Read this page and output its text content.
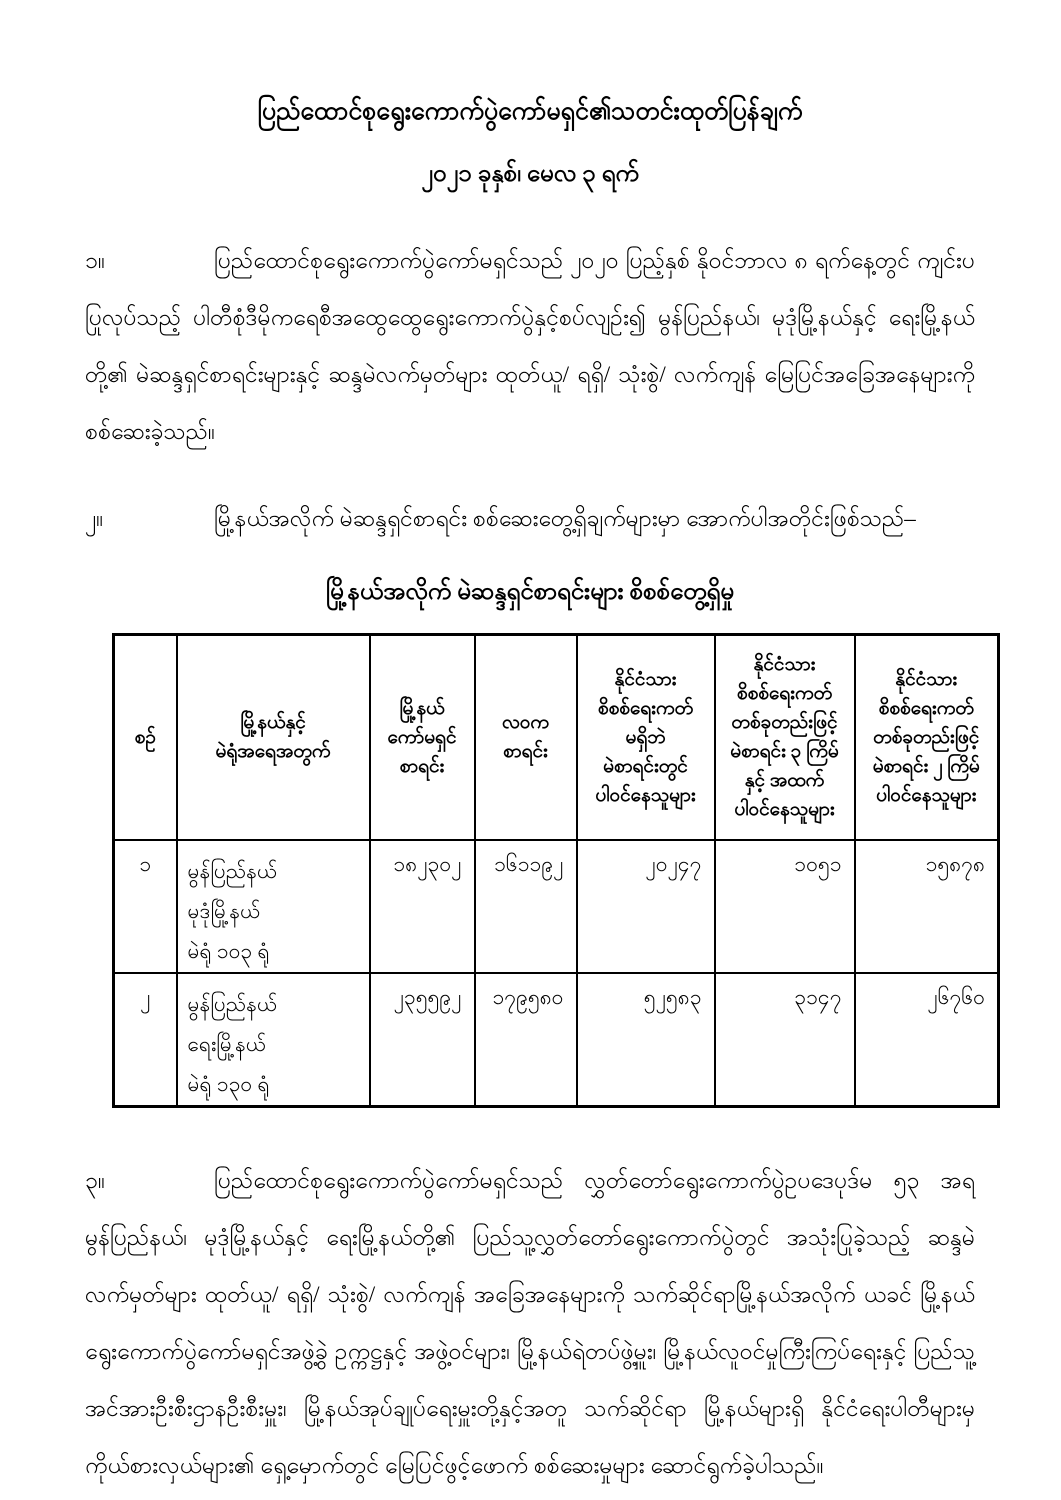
ပြည်ထောင်စုရွေးကောက်ပွဲကော်မရှင်၏သတင်းထုတ်ပြန်ချက်
၂၀၂၁ ခုနှစ်၊ မေလ ၃ ရက်
၁။	ပြည်ထောင်စုရွေးကောက်ပွဲကော်မရှင်သည် ၂၀၂၀ ပြည့်နှစ် နိုဝင်ဘာလ ၈ ရက်နေ့တွင် ကျင်းပပြုလုပ်သည့် ပါတီစုံဒီမိုကရေစီအထွေထွေရွေးကောက်ပွဲနှင့်စပ်လျဉ်း၍ မွန်ပြည်နယ်၊ မုဒုံမြို့နယ်နှင့် ရေးမြို့နယ်တို့၏ မဲဆန္ဒရှင်စာရင်းများနှင့် ဆန္ဒမဲလက်မှတ်များ ထုတ်ယူ/ ရရှိ/ သုံးစွဲ/ လက်ကျန် မြေပြင်အခြေအနေများကို စစ်ဆေးခဲ့သည်။
၂။	မြို့နယ်အလိုက် မဲဆန္ဒရှင်စာရင်း စစ်ဆေးတွေ့ရှိချက်များမှာ အောက်ပါအတိုင်းဖြစ်သည်–
မြို့နယ်အလိုက် မဲဆန္ဒရှင်စာရင်းများ စိစစ်တွေ့ရှိမှု
စဉ်

မြို့နယ်နှင့်
မဲရုံအရေအတွက်

မြို့နယ်
ကော်မရှင်
စာရင်း

လဝက
စာရင်း

နိုင်ငံသား
စိစစ်ရေးကတ်
မရှိဘဲ
မဲစာရင်းတွင်
ပါဝင်နေသူများ

နိုင်ငံသား
စိစစ်ရေးကတ်
တစ်ခုတည်းဖြင့်
မဲစာရင်း ၃ ကြိမ်
နှင့် အထက်
ပါဝင်နေသူများ

နိုင်ငံသား
စိစစ်ရေးကတ်
တစ်ခုတည်းဖြင့်
မဲစာရင်း ၂ ကြိမ်
ပါဝင်နေသူများ

၁	မွန်ပြည်နယ်
မုဒုံမြို့နယ်
မဲရုံ ၁၀၃ ရုံ	၁၈၂၃၀၂	၁၆၁၁၉၂	၂၀၂၄၇	၁၀၅၁	၁၅၈၇၈
၂	မွန်ပြည်နယ်
ရေးမြို့နယ်
မဲရုံ ၁၃၀ ရုံ	၂၃၅၅၉၂	၁၇၉၅၈၀	၅၂၅၈၃	၃၁၄၇	၂၆၇၆၀
၃။	ပြည်ထောင်စုရွေးကောက်ပွဲကော်မရှင်သည် လွှတ်တော်ရွေးကောက်ပွဲဥပဒေပုဒ်မ ၅၃ အရ မွန်ပြည်နယ်၊ မုဒုံမြို့နယ်နှင့် ရေးမြို့နယ်တို့၏ ပြည်သူ့လွှတ်တော်ရွေးကောက်ပွဲတွင် အသုံးပြုခဲ့သည့် ဆန္ဒမဲလက်မှတ်များ ထုတ်ယူ/ ရရှိ/ သုံးစွဲ/ လက်ကျန် အခြေအနေများကို သက်ဆိုင်ရာမြို့နယ်အလိုက် ယခင် မြို့နယ်ရွေးကောက်ပွဲကော်မရှင်အဖွဲ့ခွဲ ဥက္ကဋ္ဌနှင့် အဖွဲ့ဝင်များ၊ မြို့နယ်ရဲတပ်ဖွဲ့မှူး၊ မြို့နယ်လူဝင်မှုကြီးကြပ်ရေးနှင့် ပြည်သူ့အင်အားဦးစီးဌာနဦးစီးမှူး၊ မြို့နယ်အုပ်ချုပ်ရေးမှူးတို့နှင့်အတူ သက်ဆိုင်ရာ မြို့နယ်များရှိ နိုင်ငံရေးပါတီများမှ ကိုယ်စားလှယ်များ၏ ရှေ့မှောက်တွင် မြေပြင်ဖွင့်ဖောက် စစ်ဆေးမှုများ ဆောင်ရွက်ခဲ့ပါသည်။
